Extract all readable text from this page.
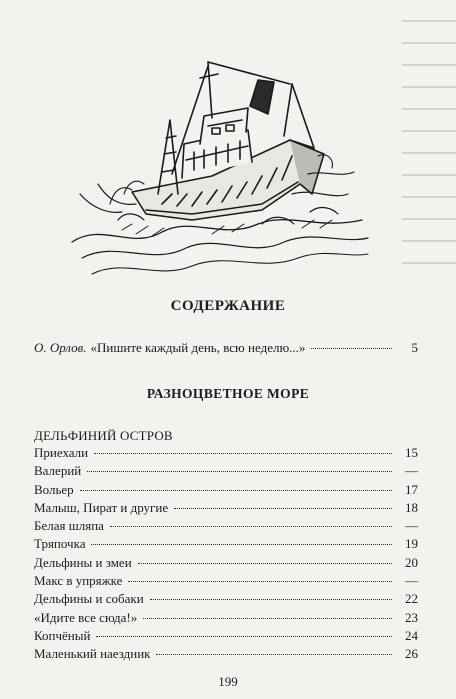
СОДЕРЖАНИЕ
О. Орлов. «Пишите каждый день, всю неделю...»	5
РАЗНОЦВЕТНОЕ МОРЕ
ДЕЛЬФИНИЙ ОСТРОВ
Приехали	15
Валерий	—
Вольер	17
Малыш, Пират и другие	18
Белая шляпа	—
Тряпочка	19
Дельфины и змеи	20
Макс в упряжке	—
Дельфины и собаки	22
«Идите все сюда!»	23
Копчёный	24
Маленький наездник	26
199
